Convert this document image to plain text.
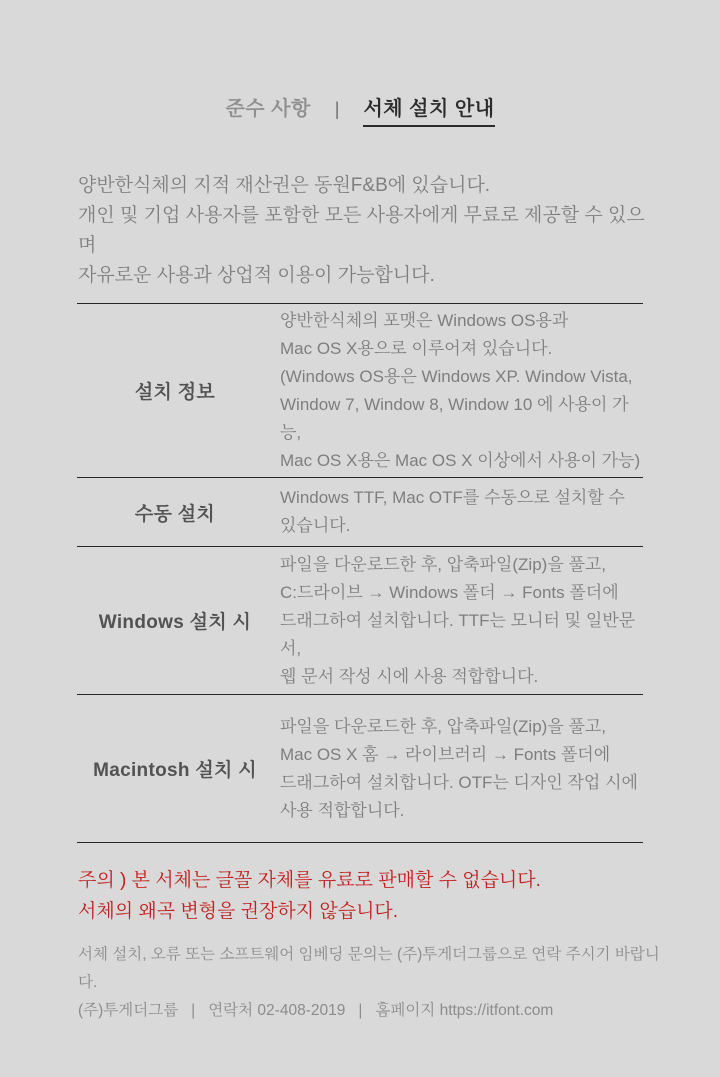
준수 사항 | 서체 설치 안내
양반한식체의 지적 재산권은 동원F&B에 있습니다.
개인 및 기업 사용자를 포함한 모든 사용자에게 무료로 제공할 수 있으며
자유로운 사용과 상업적 이용이 가능합니다.
설치 정보
양반한식체의 포맷은 Windows OS용과
Mac OS X용으로 이루어져 있습니다.
(Windows OS용은 Windows XP. Window Vista,
Window 7, Window 8, Window 10 에 사용이 가능,
Mac OS X용은 Mac OS X 이상에서 사용이 가능)
수동 설치
Windows TTF, Mac OTF를 수동으로 설치할 수 있습니다.
Windows 설치 시
파일을 다운로드한 후, 압축파일(Zip)을 풀고,
C:드라이브 → Windows 폴더 → Fonts 폴더에
드래그하여 설치합니다. TTF는 모니터 및 일반문서,
웹 문서 작성 시에 사용 적합합니다.
Macintosh 설치 시
파일을 다운로드한 후, 압축파일(Zip)을 풀고,
Mac OS X 홈 → 라이브러리 → Fonts 폴더에
드래그하여 설치합니다. OTF는 디자인 작업 시에
사용 적합합니다.
주의 ) 본 서체는 글꼴 자체를 유료로 판매할 수 없습니다.
서체의 왜곡 변형을 권장하지 않습니다.
서체 설치, 오류 또는 소프트웨어 임베딩 문의는 (주)투게더그룹으로 연락 주시기 바랍니다.
(주)투게더그룹 | 연락처 02-408-2019 | 홈페이지 https://itfont.com
